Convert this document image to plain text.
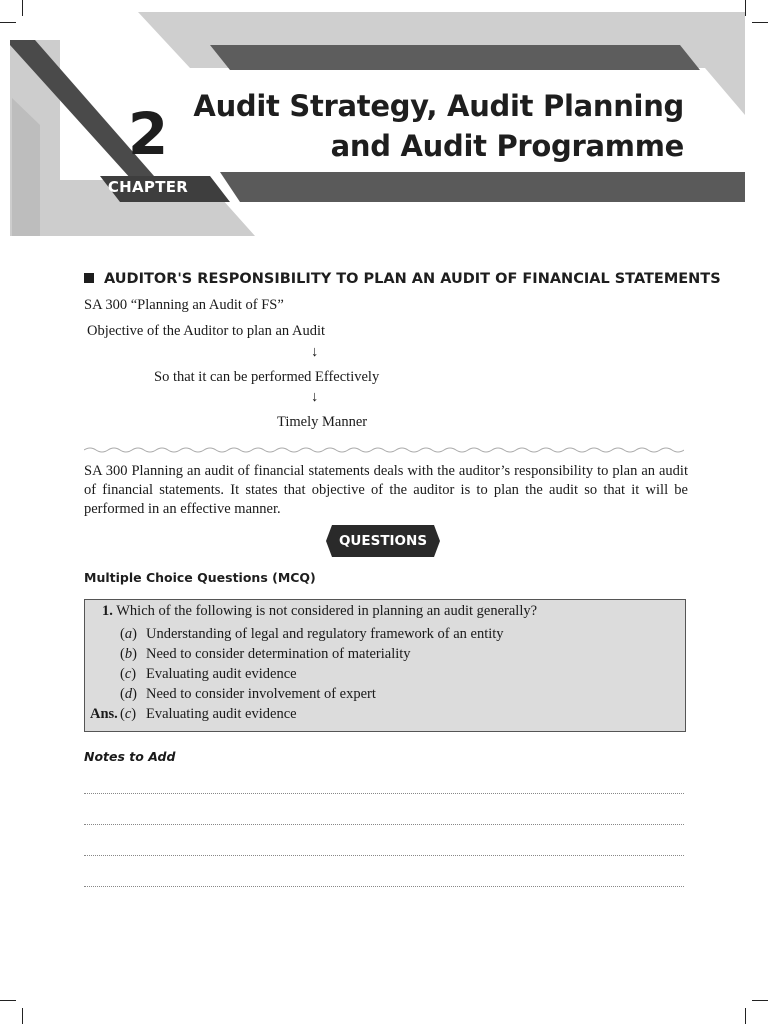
2
CHAPTER
Audit Strategy, Audit Planning
and Audit Programme
AUDITOR'S RESPONSIBILITY TO PLAN AN AUDIT OF FINANCIAL STATEMENTS
SA 300 “Planning an Audit of FS”
Objective of the Auditor to plan an Audit
↓
So that it can be performed Effectively
↓
Timely Manner
SA 300 Planning an audit of financial statements deals with the auditor’s responsibility to plan an audit of financial statements. It states that objective of the auditor is to plan the audit so that it will be performed in an effective manner.
QUESTIONS
Multiple Choice Questions (MCQ)
1. Which of the following is not considered in planning an audit generally?
(a) Understanding of legal and regulatory framework of an entity
(b) Need to consider determination of materiality
(c) Evaluating audit evidence
(d) Need to consider involvement of expert
Ans. (c) Evaluating audit evidence
Notes to Add
